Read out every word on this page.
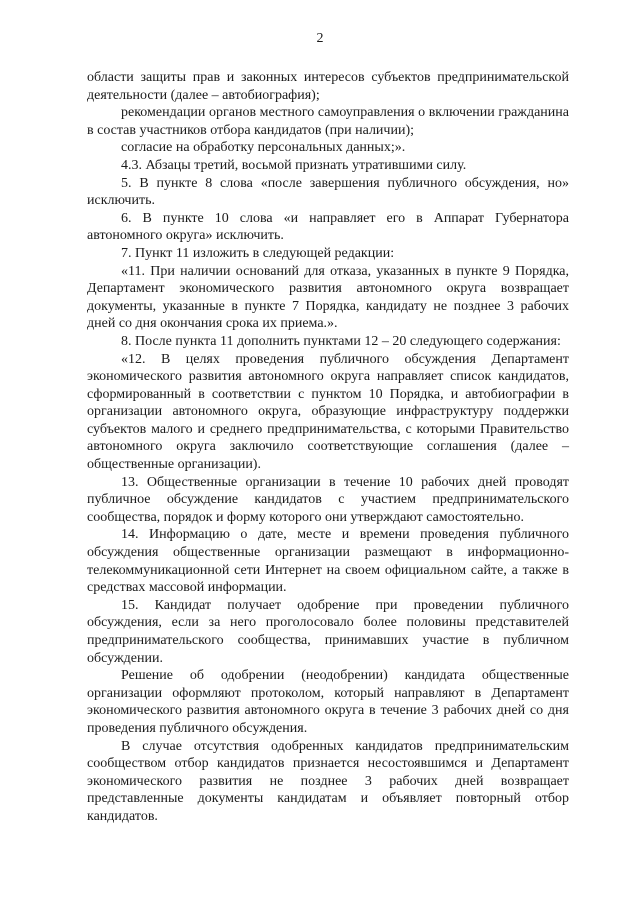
2

области защиты прав и законных интересов субъектов предпринимательской деятельности (далее – автобиография);

рекомендации органов местного самоуправления о включении гражданина в состав участников отбора кандидатов (при наличии);

согласие на обработку персональных данных;».

4.3. Абзацы третий, восьмой признать утратившими силу.

5. В пункте 8 слова «после завершения публичного обсуждения, но» исключить.

6. В пункте 10 слова «и направляет его в Аппарат Губернатора автономного округа» исключить.

7. Пункт 11 изложить в следующей редакции:

«11. При наличии оснований для отказа, указанных в пункте 9 Порядка, Департамент экономического развития автономного округа возвращает документы, указанные в пункте 7 Порядка, кандидату не позднее 3 рабочих дней со дня окончания срока их приема.».

8. После пункта 11 дополнить пунктами 12 – 20 следующего содержания:

«12. В целях проведения публичного обсуждения Департамент экономического развития автономного округа направляет список кандидатов, сформированный в соответствии с пунктом 10 Порядка, и автобиографии в организации автономного округа, образующие инфраструктуру поддержки субъектов малого и среднего предпринимательства, с которыми Правительство автономного округа заключило соответствующие соглашения (далее – общественные организации).

13. Общественные организации в течение 10 рабочих дней проводят публичное обсуждение кандидатов с участием предпринимательского сообщества, порядок и форму которого они утверждают самостоятельно.

14. Информацию о дате, месте и времени проведения публичного обсуждения общественные организации размещают в информационно-телекоммуникационной сети Интернет на своем официальном сайте, а также в средствах массовой информации.

15. Кандидат получает одобрение при проведении публичного обсуждения, если за него проголосовало более половины представителей предпринимательского сообщества, принимавших участие в публичном обсуждении.

Решение об одобрении (неодобрении) кандидата общественные организации оформляют протоколом, который направляют в Департамент экономического развития автономного округа в течение 3 рабочих дней со дня проведения публичного обсуждения.

В случае отсутствия одобренных кандидатов предпринимательским сообществом отбор кандидатов признается несостоявшимся и Департамент экономического развития не позднее 3 рабочих дней возвращает представленные документы кандидатам и объявляет повторный отбор кандидатов.
